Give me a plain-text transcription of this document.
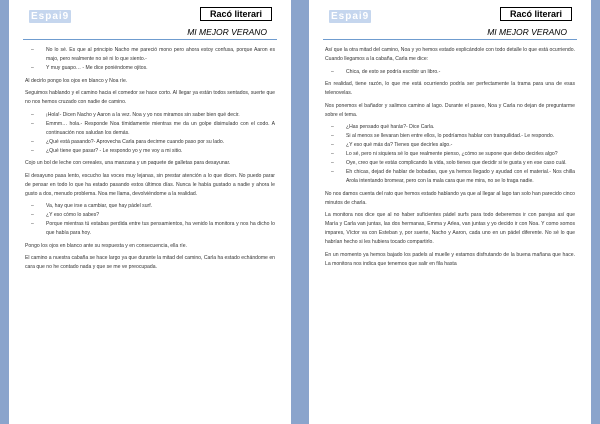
Espai9	Racó literari
MI MEJOR VERANO
– No lo sé. Es que al principio Nacho me pareció mono pero ahora estoy confusa, porque Aaron es majo, pero realmente no sé ni lo que siento.-
– Y muy guapo… - Me dice poniéndome ojitos.
Al decirlo pongo los ojos en blanco y Noa ríe.
Seguimos hablando y el camino hacia el comedor se hace corto. Al llegar ya están todos sentados, suerte que no nos hemos cruzado con nadie de camino.
– ¡Hola!- Dicen Nacho y Aaron a la vez. Noa y yo nos miramos sin saber bien qué decir.
– Emmm… hola.- Responde Noa tímidamente mientras me da un golpe disimulado con el codo. A continuación nos saludan los demás.
– ¿Qué está pasando?- Aprovecha Carla para decirme cuando paso por su lado.
– ¿Qué tiene que pasar? - Le respondo yo y me voy a mi sitio.
Cojo un bol de leche con cereales, una manzana y un paquete de galletas para desayunar.
El desayuno pasa lento, escucho las voces muy lejanas, sin prestar atención a lo que dicen. No puedo parar de pensar en todo lo que ha estado pasando estos últimos días. Nunca le había gustado a nadie y ahora le gusto a dos, menudo problema. Noa me llama, devolviéndome a la realidad.
– Va, hay que irse a cambiar, que hay pádel surf.
– ¿Y eso cómo lo sabes?
– Porque mientras tú estabas perdida entre tus pensamientos, ha venido la monitora y nos ha dicho lo que había para hoy.
Pongo los ojos en blanco ante su respuesta y en consecuencia, ella ríe.
El camino a nuestra cabaña se hace largo ya que durante la mitad del camino, Carla ha estado echándome en cara que no he contado nada y que se me ve preocupada.
Espai9	Racó literari
MI MEJOR VERANO
Así que la otra mitad del camino, Noa y yo hemos estado explicándole con todo detalle lo que está ocurriendo. Cuando llegamos a la cabaña, Carla me dice:
– Chica, de esto se podría escribir un libro.-
En realidad, tiene razón, lo que me está ocurriendo podría ser perfectamente la trama para una de esas telenovelas.
Nos ponemos el bañador y salimos camino al lago. Durante el paseo, Noa y Carla no dejan de preguntarme sobre el tema.
– ¿Has pensado qué harás?- Dice Carla.
– Si al menos se llevaran bien entre ellos, lo podríamos hablar con tranquilidad.- Le respondo.
– ¿Y eso qué más da? Tienes que decirles algo.-
– Lo sé, pero ni siquiera sé lo que realmente pienso, ¿cómo se supone que debo decirles algo?
– Oye, creo que te estás complicando la vida, solo tienes que decidir si te gusta y en ese caso cuál.
– Eh chicas, dejad de hablar de bobadas, que ya hemos llegado y ayudad con el material.- Nos chilla Arola intentando bromear, pero con la mala cara que me mira, no se lo traga nadie.
No nos damos cuenta del rato que hemos estado hablando ya que al llegar al lago tan solo han parecido cinco minutos de charla.
La monitora nos dice que al no haber suficientes pádel surfs para todo deberemos ir con parejas así que María y Carla van juntas, las dos hermanas, Emma y Arlea, van juntas y yo decido ir con Noa. Y como somos impares, Víctor va con Esteban y, por suerte, Nacho y Aaron, cada uno en un pádel diferente. No sé lo que habrían hecho si les hubiera tocado compartirlo.
En un momento ya hemos bajado los padels al muelle y estamos disfrutando de la buena mañana que hace. La monitora nos indica que tenemos que salir en fila hasta
